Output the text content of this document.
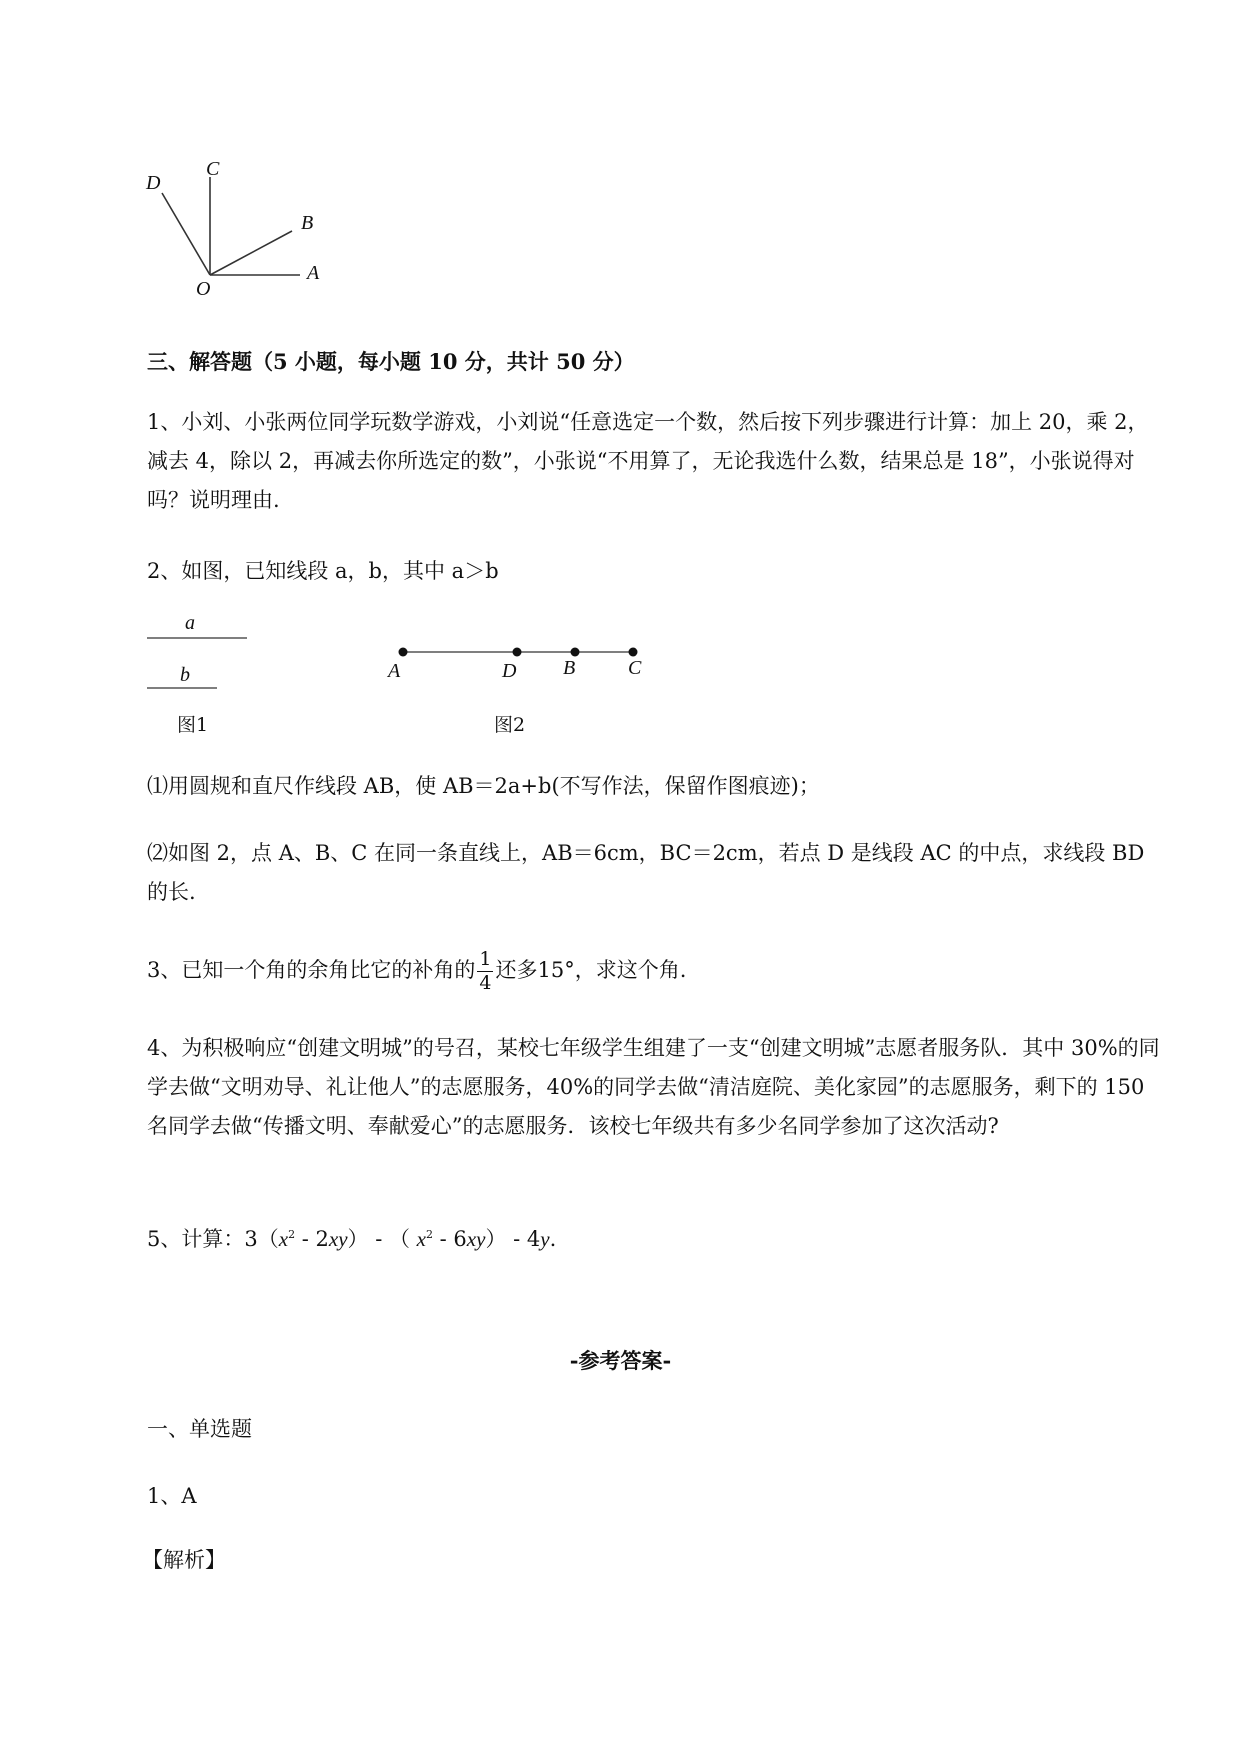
D
C
B
A
O
三、解答题（5 小题，每小题 10 分，共计 50 分）

1、小刘、小张两位同学玩数学游戏，小刘说“任意选定一个数，然后按下列步骤进行计算：加上 20，乘 2，减去 4，除以 2，再减去你所选定的数”，小张说“不用算了，无论我选什么数，结果总是 18”，小张说得对吗？说明理由.

2、如图，已知线段 a，b，其中 a＞b

a
b
图1
A	D B	C
图2

⑴用圆规和直尺作线段 AB，使 AB＝2a+b(不写作法，保留作图痕迹)；

⑵如图 2，点 A、B、C 在同一条直线上，AB＝6cm，BC＝2cm，若点 D 是线段 AC 的中点，求线段 BD 的长.

3、已知一个角的余角比它的补角的 $\frac{1}{4}$ 还多15°，求这个角.

4、为积极响应“创建文明城”的号召，某校七年级学生组建了一支“创建文明城”志愿者服务队．其中 30%的同学去做“文明劝导、礼让他人”的志愿服务，40%的同学去做“清洁庭院、美化家园”的志愿服务，剩下的 150 名同学去做“传播文明、奉献爱心”的志愿服务．该校七年级共有多少名同学参加了这次活动?

5、计算：$3(x^2 - 2xy)$ - （ $x^2 - 6xy) - 4y$.
-参考答案-

一、单选题

1、A

【解析】
